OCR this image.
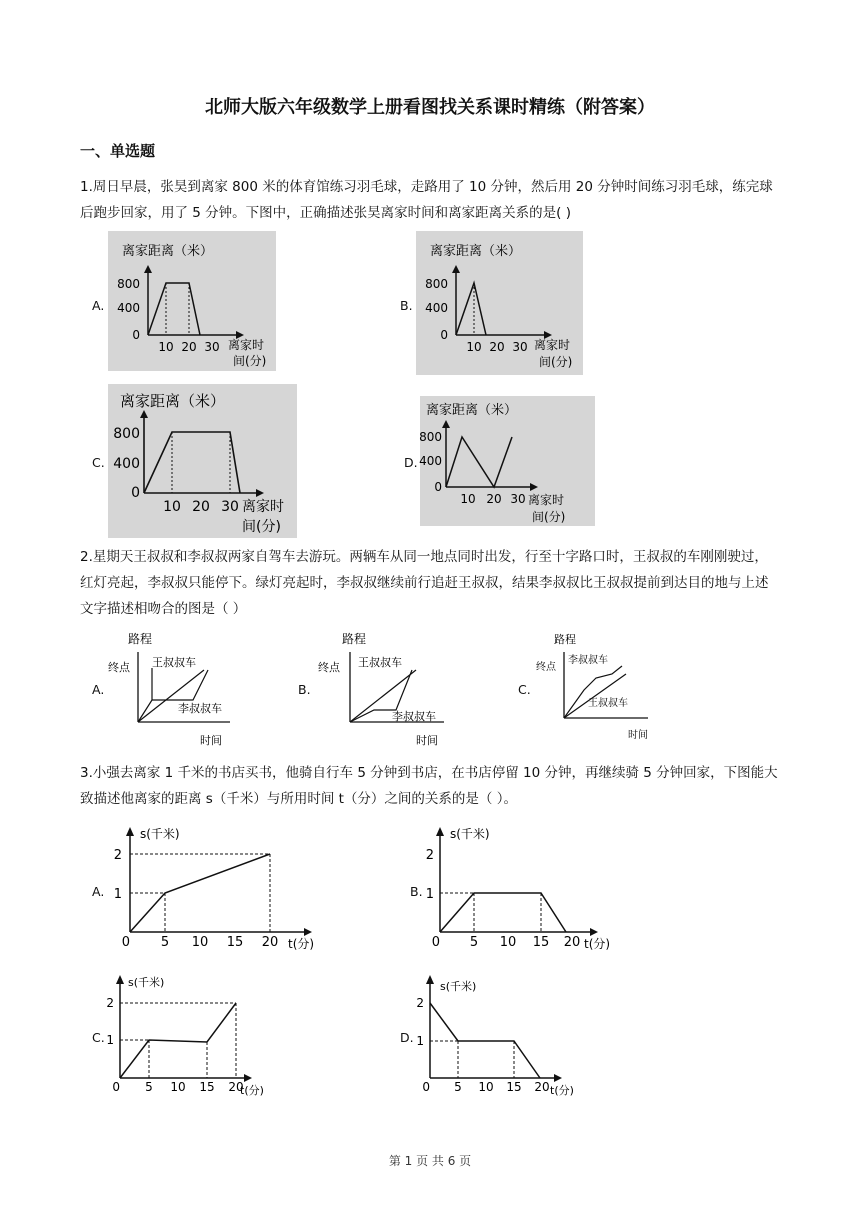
北师大版六年级数学上册看图找关系课时精练（附答案）
一、单选题
1.周日早晨，张昊到离家 800 米的体育馆练习羽毛球，走路用了 10 分钟，然后用 20 分钟时间练习羽毛球，练完球后跑步回家，用了 5 分钟。下图中，正确描述张昊离家时间和离家距离关系的是( )
A.
离家距离（米）
800
400
0
10 20 30 离家时
间(分)
B.
离家距离（米）
800
400
0
10 20 30 离家时
间(分)
C.
离家距离（米）
800
400
0
10 20 30 离家时
间(分)
D.
离家距离（米）
800
400
0
10 20 30 离家时
间(分)
2.星期天王叔叔和李叔叔两家自驾车去游玩。两辆车从同一地点同时出发，行至十字路口时，王叔叔的车刚刚驶过，红灯亮起，李叔叔只能停下。绿灯亮起时，李叔叔继续前行追赶王叔叔，结果李叔叔比王叔叔提前到达目的地与上述文字描述相吻合的图是（ ）
A.
路程
终点 王叔叔车
李叔叔车
时间
B.
路程
终点 王叔叔车
李叔叔车
时间
C.
路程
终点
李叔叔车
王叔叔车
时间
3.小强去离家 1 千米的书店买书，他骑自行车 5 分钟到书店，在书店停留 10 分钟，再继续骑 5 分钟回家，下图能大致描述他离家的距离 s（千米）与所用时间 t（分）之间的关系的是（ ）。
A.
s(千米)
2
1
0 5 10 15 20 t(分)
B.
s(千米)
2
1
0 5 10 15 20 t(分)
C.
s(千米)
2
1
0 5 10 15 20
t(分)
D.
s(千米)
2
1
0 5 10 15 20 t(分)
第 1 页 共 6 页
